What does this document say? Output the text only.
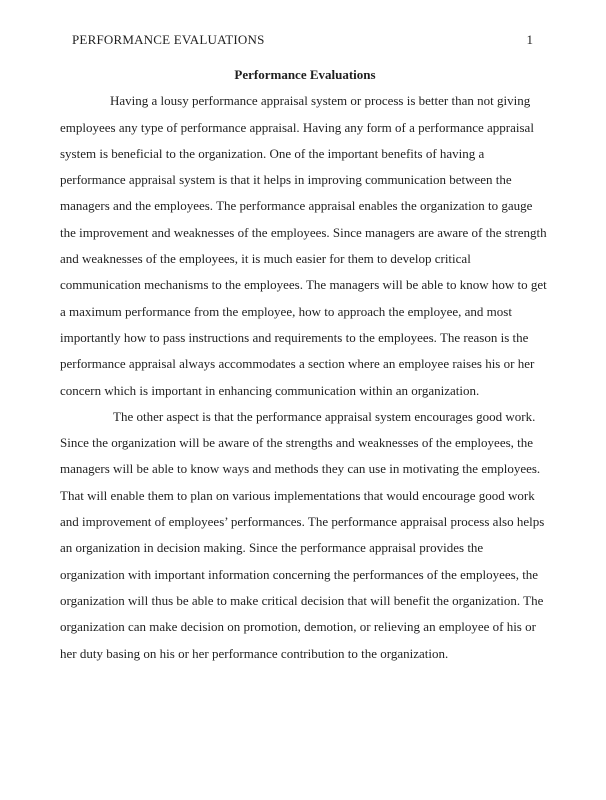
PERFORMANCE EVALUATIONS	1
Performance Evaluations
Having a lousy performance appraisal system or process is better than not giving
employees any type of performance appraisal. Having any form of a performance appraisal
system is beneficial to the organization. One of the important benefits of having a
performance appraisal system is that it helps in improving communication between the
managers and the employees. The performance appraisal enables the organization to gauge
the improvement and weaknesses of the employees. Since managers are aware of the strength
and weaknesses of the employees, it is much easier for them to develop critical
communication mechanisms to the employees. The managers will be able to know how to get
a maximum performance from the employee, how to approach the employee, and most
importantly how to pass instructions and requirements to the employees. The reason is the
performance appraisal always accommodates a section where an employee raises his or her
concern which is important in enhancing communication within an organization.
The other aspect is that the performance appraisal system encourages good work.
Since the organization will be aware of the strengths and weaknesses of the employees, the
managers will be able to know ways and methods they can use in motivating the employees.
That will enable them to plan on various implementations that would encourage good work
and improvement of employees’ performances. The performance appraisal process also helps
an organization in decision making. Since the performance appraisal provides the
organization with important information concerning the performances of the employees, the
organization will thus be able to make critical decision that will benefit the organization. The
organization can make decision on promotion, demotion, or relieving an employee of his or
her duty basing on his or her performance contribution to the organization.
